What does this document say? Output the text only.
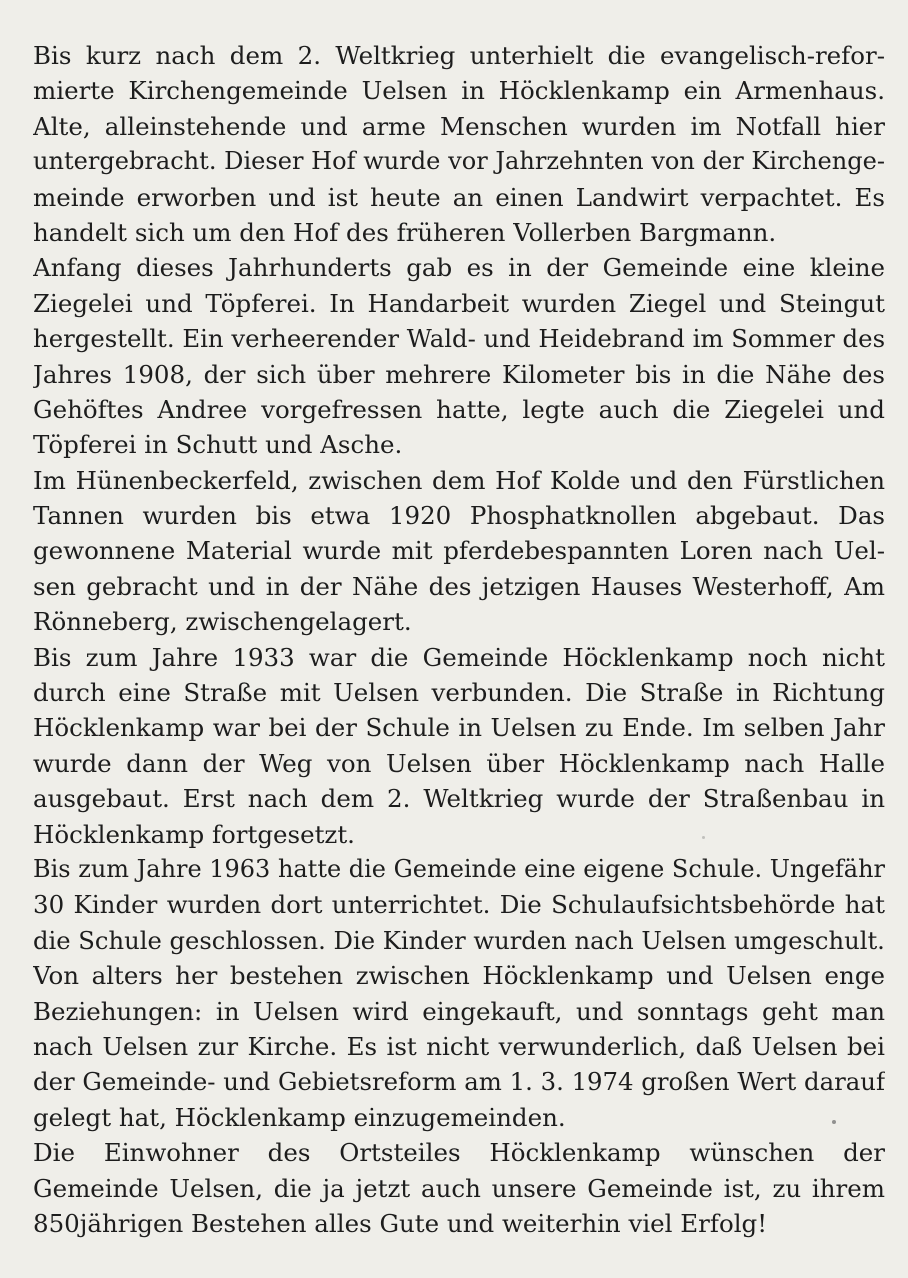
Bis kurz nach dem 2. Weltkrieg unterhielt die evangelisch-refor-
mierte Kirchengemeinde Uelsen in Höcklenkamp ein Armenhaus.
Alte, alleinstehende und arme Menschen wurden im Notfall hier
untergebracht. Dieser Hof wurde vor Jahrzehnten von der Kirchenge-
meinde erworben und ist heute an einen Landwirt verpachtet. Es
handelt sich um den Hof des früheren Vollerben Bargmann.
Anfang dieses Jahrhunderts gab es in der Gemeinde eine kleine
Ziegelei und Töpferei. In Handarbeit wurden Ziegel und Steingut
hergestellt. Ein verheerender Wald- und Heidebrand im Sommer des
Jahres 1908, der sich über mehrere Kilometer bis in die Nähe des
Gehöftes Andree vorgefressen hatte, legte auch die Ziegelei und
Töpferei in Schutt und Asche.
Im Hünenbeckerfeld, zwischen dem Hof Kolde und den Fürstlichen
Tannen wurden bis etwa 1920 Phosphatknollen abgebaut. Das
gewonnene Material wurde mit pferdebespannten Loren nach Uel-
sen gebracht und in der Nähe des jetzigen Hauses Westerhoff, Am
Rönneberg, zwischengelagert.
Bis zum Jahre 1933 war die Gemeinde Höcklenkamp noch nicht
durch eine Straße mit Uelsen verbunden. Die Straße in Richtung
Höcklenkamp war bei der Schule in Uelsen zu Ende. Im selben Jahr
wurde dann der Weg von Uelsen über Höcklenkamp nach Halle
ausgebaut. Erst nach dem 2. Weltkrieg wurde der Straßenbau in
Höcklenkamp fortgesetzt.
Bis zum Jahre 1963 hatte die Gemeinde eine eigene Schule. Ungefähr
30 Kinder wurden dort unterrichtet. Die Schulaufsichtsbehörde hat
die Schule geschlossen. Die Kinder wurden nach Uelsen umgeschult.
Von alters her bestehen zwischen Höcklenkamp und Uelsen enge
Beziehungen: in Uelsen wird eingekauft, und sonntags geht man
nach Uelsen zur Kirche. Es ist nicht verwunderlich, daß Uelsen bei
der Gemeinde- und Gebietsreform am 1. 3. 1974 großen Wert darauf
gelegt hat, Höcklenkamp einzugemeinden.
Die Einwohner des Ortsteiles Höcklenkamp wünschen der
Gemeinde Uelsen, die ja jetzt auch unsere Gemeinde ist, zu ihrem
850jährigen Bestehen alles Gute und weiterhin viel Erfolg!
